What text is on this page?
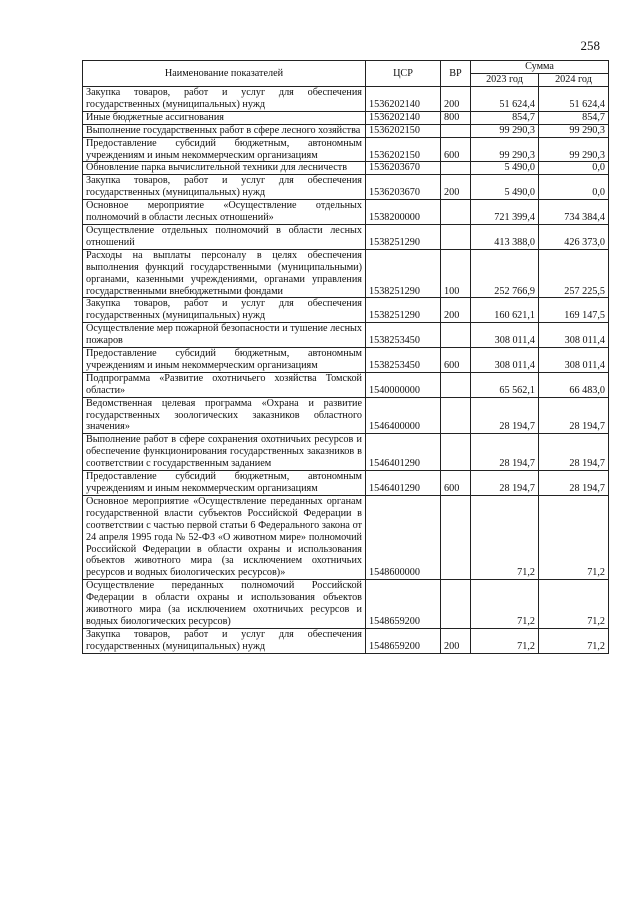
258
Наименование показателей	ЦСР	ВР	Сумма	
			2023 год	2024 год
Закупка товаров, работ и услуг для обеспечения государственных (муниципальных) нужд	1536202140	200	51 624,4	51 624,4
Иные бюджетные ассигнования	1536202140	800	854,7	854,7
Выполнение государственных работ в сфере лесного хозяйства	1536202150		99 290,3	99 290,3
Предоставление субсидий бюджетным, автономным учреждениям и иным некоммерческим организациям	1536202150	600	99 290,3	99 290,3
Обновление парка вычислительной техники для лесничеств	1536203670		5 490,0	0,0
Закупка товаров, работ и услуг для обеспечения государственных (муниципальных) нужд	1536203670	200	5 490,0	0,0
Основное мероприятие «Осуществление отдельных полномочий в области лесных отношений»	1538200000		721 399,4	734 384,4
Осуществление отдельных полномочий в области лесных отношений	1538251290		413 388,0	426 373,0
Расходы на выплаты персоналу в целях обеспечения выполнения функций государственными (муниципальными) органами, казенными учреждениями, органами управления государственными внебюджетными фондами	1538251290	100	252 766,9	257 225,5
Закупка товаров, работ и услуг для обеспечения государственных (муниципальных) нужд	1538251290	200	160 621,1	169 147,5
Осуществление мер пожарной безопасности и тушение лесных пожаров	1538253450		308 011,4	308 011,4
Предоставление субсидий бюджетным, автономным учреждениям и иным некоммерческим организациям	1538253450	600	308 011,4	308 011,4
Подпрограмма «Развитие охотничьего хозяйства Томской области»	1540000000		65 562,1	66 483,0
Ведомственная целевая программа «Охрана и развитие государственных зоологических заказников областного значения»	1546400000		28 194,7	28 194,7
Выполнение работ в сфере сохранения охотничьих ресурсов и обеспечение функционирования государственных заказников в соответствии с государственным заданием	1546401290		28 194,7	28 194,7
Предоставление субсидий бюджетным, автономным учреждениям и иным некоммерческим организациям	1546401290	600	28 194,7	28 194,7
Основное мероприятие «Осуществление переданных органам государственной власти субъектов Российской Федерации в соответствии с частью первой статьи 6 Федерального закона от 24 апреля 1995 года № 52-ФЗ «О животном мире» полномочий Российской Федерации в области охраны и использования объектов животного мира (за исключением охотничьих ресурсов и водных биологических ресурсов)»	1548600000		71,2	71,2
Осуществление переданных полномочий Российской Федерации в области охраны и использования объектов животного мира (за исключением охотничьих ресурсов и водных биологических ресурсов)	1548659200		71,2	71,2
Закупка товаров, работ и услуг для обеспечения государственных (муниципальных) нужд	1548659200	200	71,2	71,2
